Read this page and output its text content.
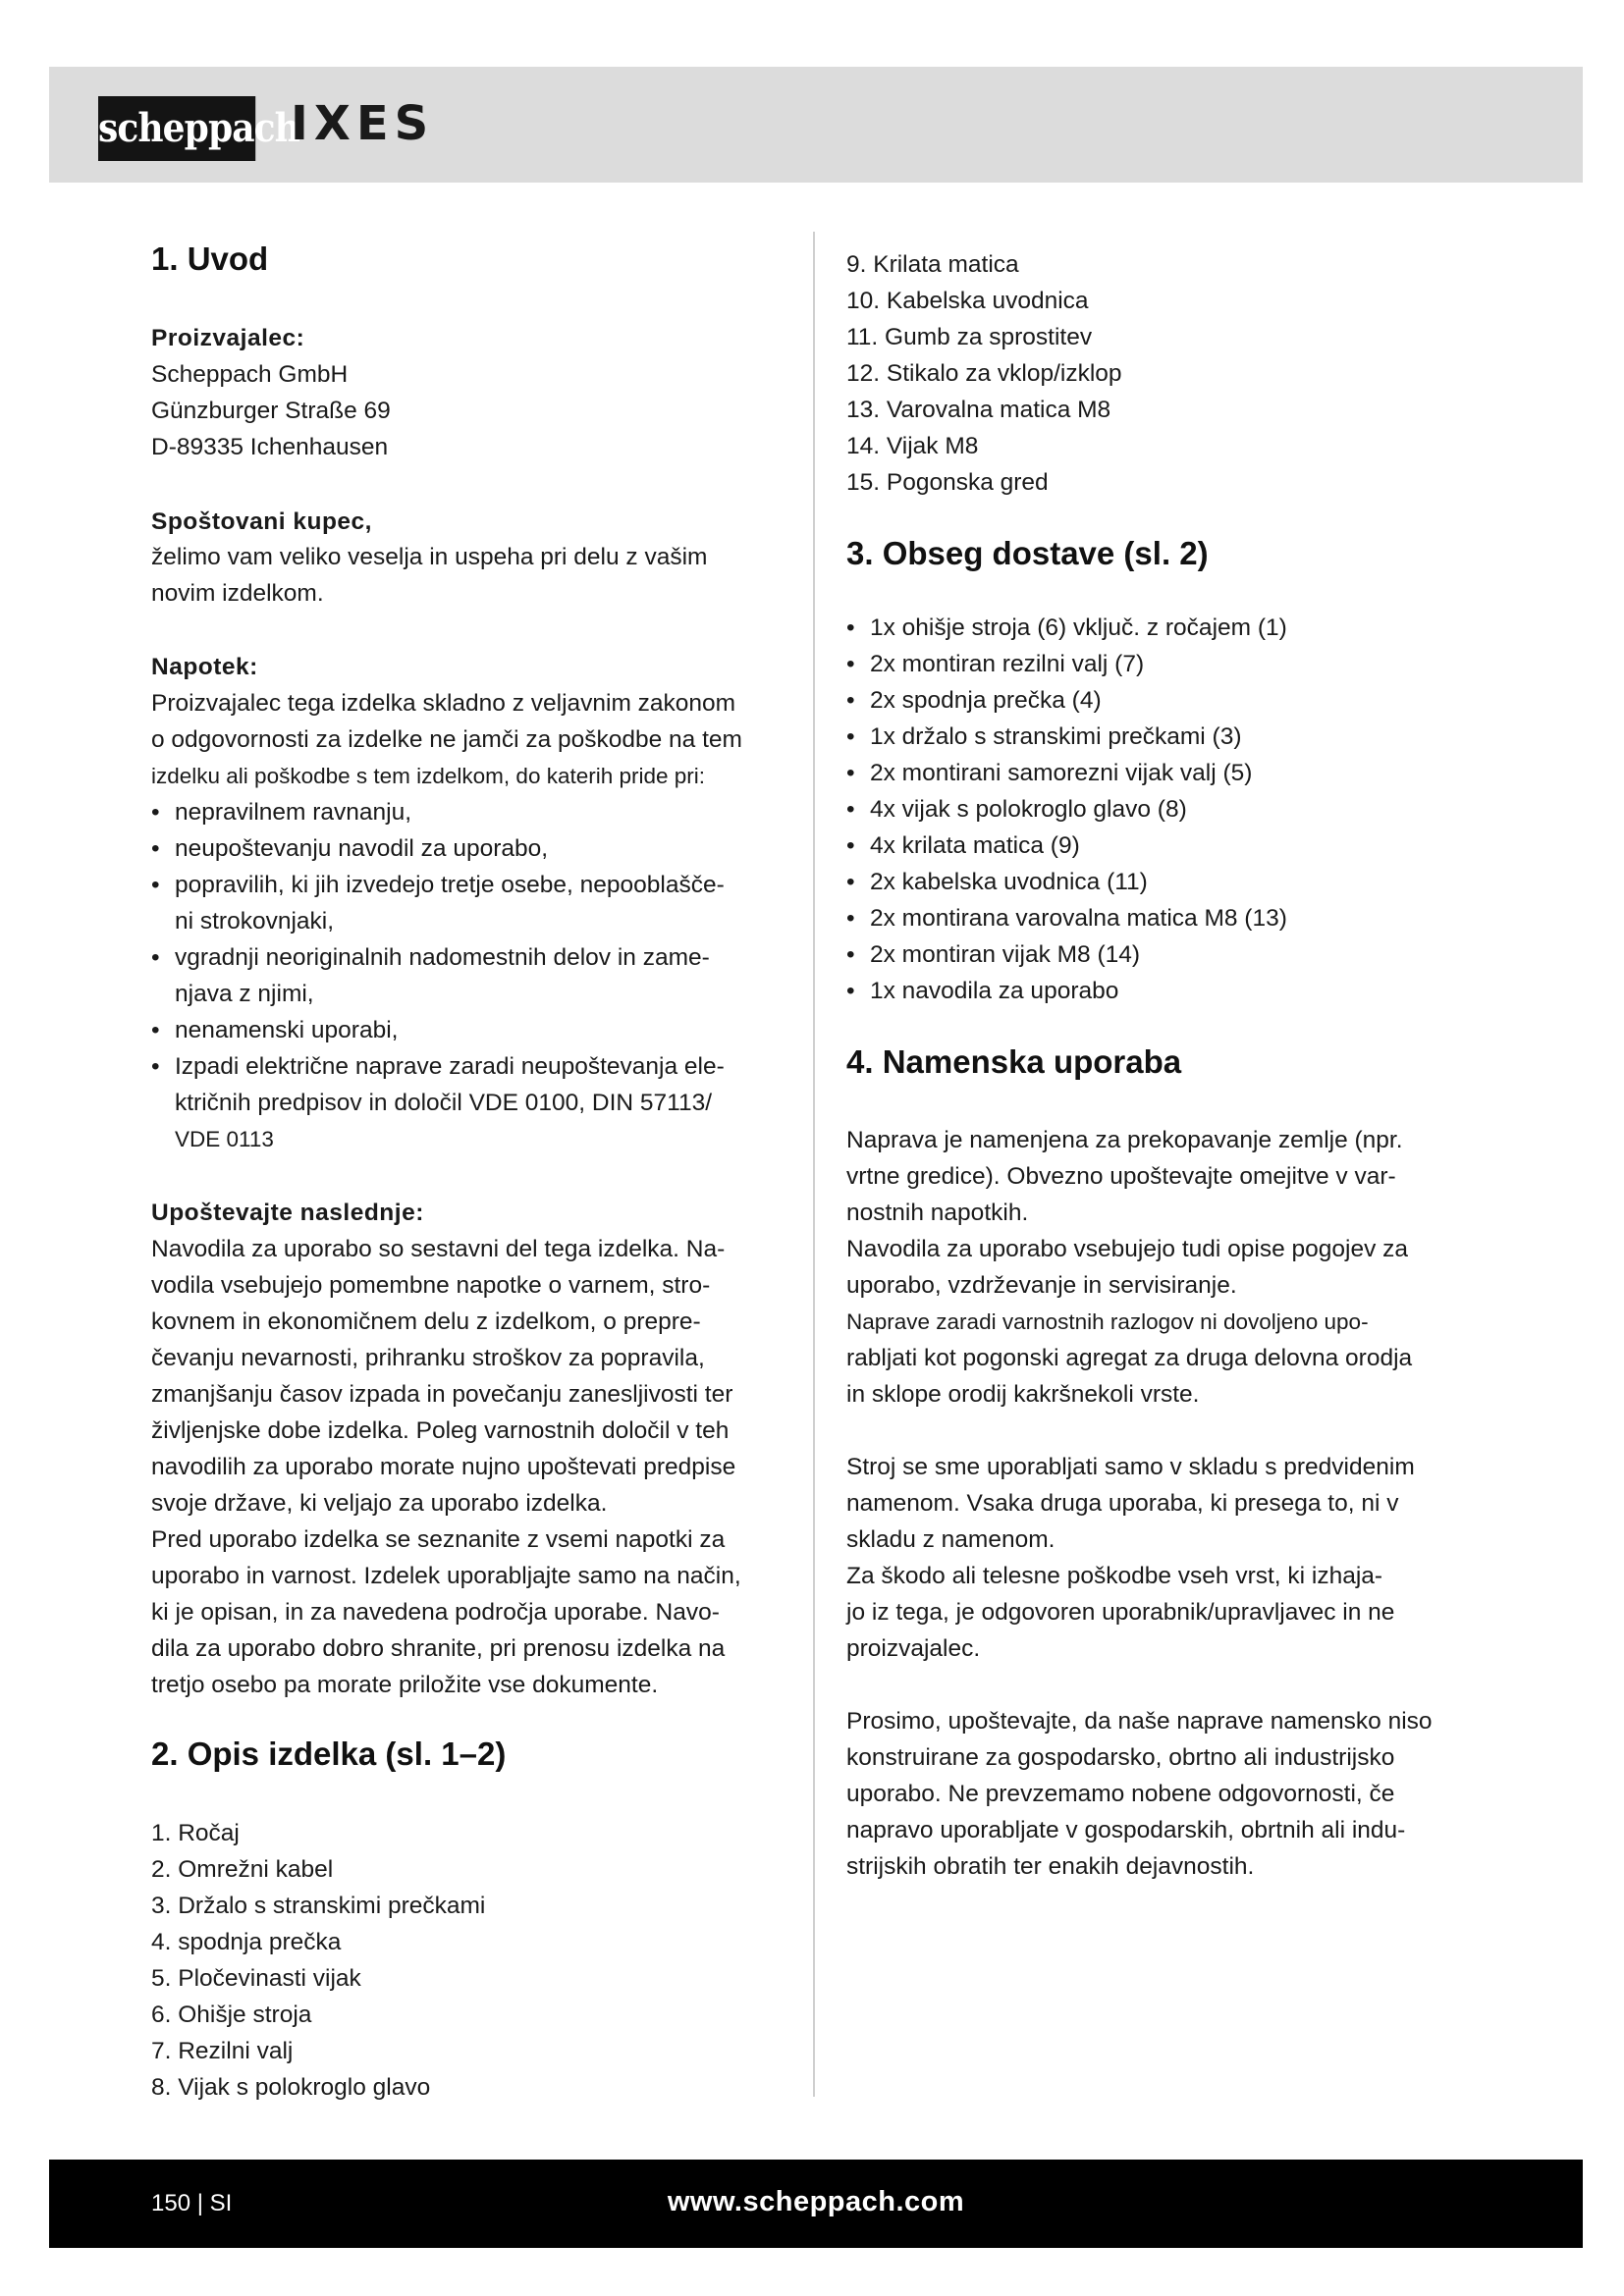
scheppach
IXES
1. Uvod
Proizvajalec:
Scheppach GmbH
Günzburger Straße 69
D-89335 Ichenhausen
Spoštovani kupec,
želimo vam veliko veselja in uspeha pri delu z vašim
novim izdelkom.
Napotek:
Proizvajalec tega izdelka skladno z veljavnim zakonom
o odgovornosti za izdelke ne jamči za poškodbe na tem
izdelku ali poškodbe s tem izdelkom, do katerih pride pri:
• nepravilnem ravnanju,
• neupoštevanju navodil za uporabo,
• popravilih, ki jih izvedejo tretje osebe, nepooblašče-
ni strokovnjaki,
• vgradnji neoriginalnih nadomestnih delov in zame-
njava z njimi,
• nenamenski uporabi,
• Izpadi električne naprave zaradi neupoštevanja ele-
ktričnih predpisov in določil VDE 0100, DIN 57113/
VDE 0113
Upoštevajte naslednje:
Navodila za uporabo so sestavni del tega izdelka. Na-
vodila vsebujejo pomembne napotke o varnem, stro-
kovnem in ekonomičnem delu z izdelkom, o prepre-
čevanju nevarnosti, prihranku stroškov za popravila,
zmanjšanju časov izpada in povečanju zanesljivosti ter
življenjske dobe izdelka. Poleg varnostnih določil v teh
navodilih za uporabo morate nujno upoštevati predpise
svoje države, ki veljajo za uporabo izdelka.
Pred uporabo izdelka se seznanite z vsemi napotki za
uporabo in varnost. Izdelek uporabljajte samo na način,
ki je opisan, in za navedena področja uporabe. Navo-
dila za uporabo dobro shranite, pri prenosu izdelka na
tretjo osebo pa morate priložite vse dokumente.
2. Opis izdelka (sl. 1–2)
1. Ročaj
2. Omrežni kabel
3. Držalo s stranskimi prečkami
4. spodnja prečka
5. Pločevinasti vijak
6. Ohišje stroja
7. Rezilni valj
8. Vijak s polokroglo glavo
9. Krilata matica
10. Kabelska uvodnica
11. Gumb za sprostitev
12. Stikalo za vklop/izklop
13. Varovalna matica M8
14. Vijak M8
15. Pogonska gred
3. Obseg dostave (sl. 2)
• 1x ohišje stroja (6) vključ. z ročajem (1)
• 2x montiran rezilni valj (7)
• 2x spodnja prečka (4)
• 1x držalo s stranskimi prečkami (3)
• 2x montirani samorezni vijak valj (5)
• 4x vijak s polokroglo glavo (8)
• 4x krilata matica (9)
• 2x kabelska uvodnica (11)
• 2x montirana varovalna matica M8 (13)
• 2x montiran vijak M8 (14)
• 1x navodila za uporabo
4. Namenska uporaba
Naprava je namenjena za prekopavanje zemlje (npr.
vrtne gredice). Obvezno upoštevajte omejitve v var-
nostnih napotkih.
Navodila za uporabo vsebujejo tudi opise pogojev za
uporabo, vzdrževanje in servisiranje.
Naprave zaradi varnostnih razlogov ni dovoljeno upo-
rabljati kot pogonski agregat za druga delovna orodja
in sklope orodij kakršnekoli vrste.
Stroj se sme uporabljati samo v skladu s predvidenim
namenom. Vsaka druga uporaba, ki presega to, ni v
skladu z namenom.
Za škodo ali telesne poškodbe vseh vrst, ki izhaja-
jo iz tega, je odgovoren uporabnik/upravljavec in ne
proizvajalec.
Prosimo, upoštevajte, da naše naprave namensko niso
konstruirane za gospodarsko, obrtno ali industrijsko
uporabo. Ne prevzemamo nobene odgovornosti, če
napravo uporabljate v gospodarskih, obrtnih ali indu-
strijskih obratih ter enakih dejavnostih.
150 | SI	www.scheppach.com
